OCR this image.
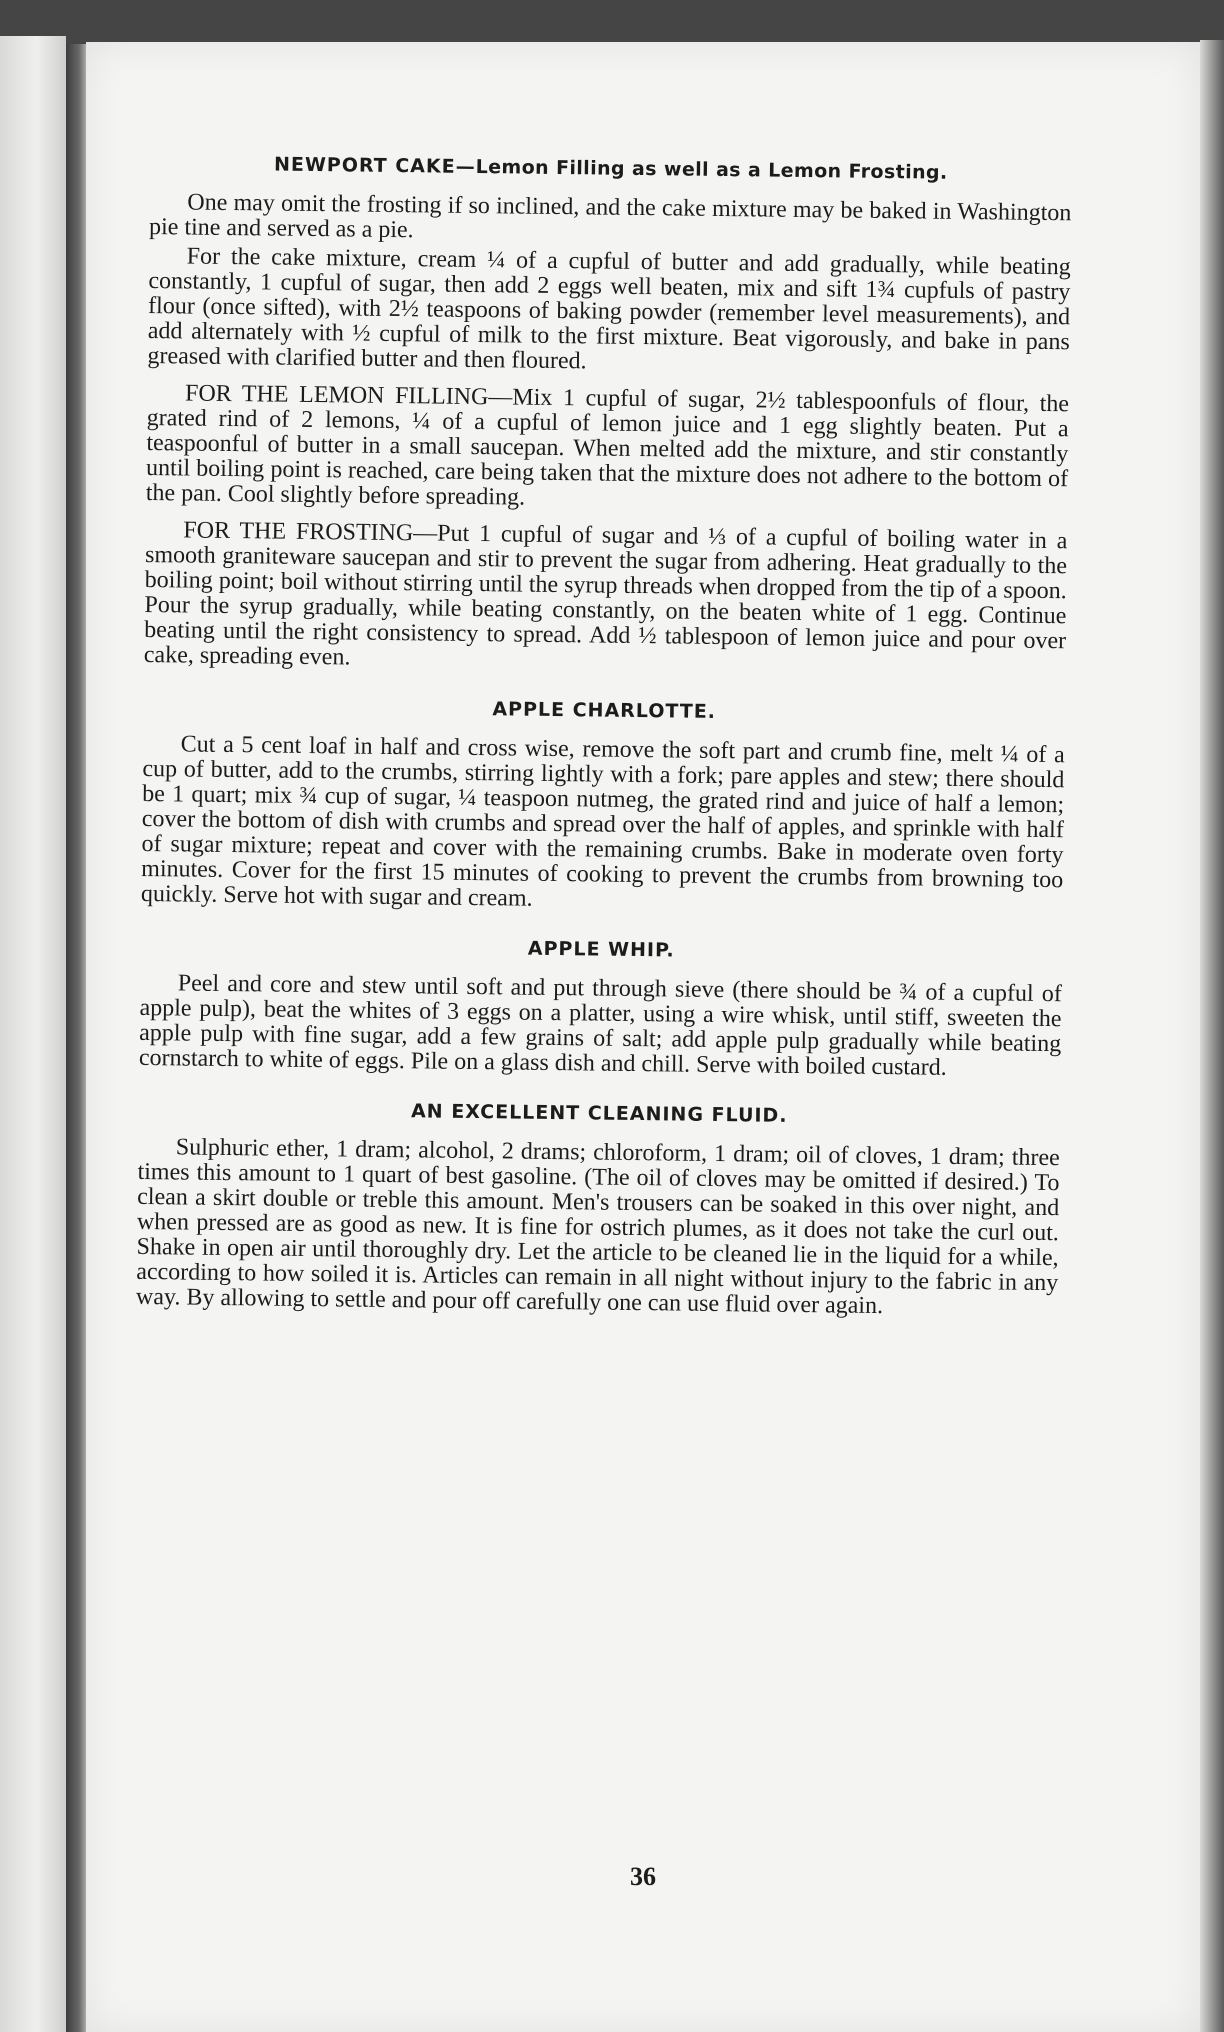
NEWPORT CAKE—Lemon Filling as well as a Lemon Frosting.

One may omit the frosting if so inclined, and the cake mixture may be baked in Washington pie tine and served as a pie.

For the cake mixture, cream ¼ of a cupful of butter and add gradually, while beating constantly, 1 cupful of sugar, then add 2 eggs well beaten, mix and sift 1¾ cupfuls of pastry flour (once sifted), with 2½ teaspoons of baking powder (remember level measurements), and add alternately with ½ cupful of milk to the first mixture. Beat vigorously, and bake in pans greased with clarified butter and then floured.

FOR THE LEMON FILLING—Mix 1 cupful of sugar, 2½ tablespoonfuls of flour, the grated rind of 2 lemons, ¼ of a cupful of lemon juice and 1 egg slightly beaten. Put a teaspoonful of butter in a small saucepan. When melted add the mixture, and stir constantly until boiling point is reached, care being taken that the mixture does not adhere to the bottom of the pan. Cool slightly before spreading.

FOR THE FROSTING—Put 1 cupful of sugar and ⅓ of a cupful of boiling water in a smooth graniteware saucepan and stir to prevent the sugar from adhering. Heat gradually to the boiling point; boil without stirring until the syrup threads when dropped from the tip of a spoon. Pour the syrup gradually, while beating constantly, on the beaten white of 1 egg. Continue beating until the right consistency to spread. Add ½ tablespoon of lemon juice and pour over cake, spreading even.

APPLE CHARLOTTE.

Cut a 5 cent loaf in half and cross wise, remove the soft part and crumb fine, melt ¼ of a cup of butter, add to the crumbs, stirring lightly with a fork; pare apples and stew; there should be 1 quart; mix ¾ cup of sugar, ¼ teaspoon nutmeg, the grated rind and juice of half a lemon; cover the bottom of dish with crumbs and spread over the half of apples, and sprinkle with half of sugar mixture; repeat and cover with the remaining crumbs. Bake in moderate oven forty minutes. Cover for the first 15 minutes of cooking to prevent the crumbs from browning too quickly. Serve hot with sugar and cream.

APPLE WHIP.

Peel and core and stew until soft and put through sieve (there should be ¾ of a cupful of apple pulp), beat the whites of 3 eggs on a platter, using a wire whisk, until stiff, sweeten the apple pulp with fine sugar, add a few grains of salt; add apple pulp gradually while beating cornstarch to white of eggs. Pile on a glass dish and chill. Serve with boiled custard.

AN EXCELLENT CLEANING FLUID.

Sulphuric ether, 1 dram; alcohol, 2 drams; chloroform, 1 dram; oil of cloves, 1 dram; three times this amount to 1 quart of best gasoline. (The oil of cloves may be omitted if desired.) To clean a skirt double or treble this amount. Men's trousers can be soaked in this over night, and when pressed are as good as new. It is fine for ostrich plumes, as it does not take the curl out. Shake in open air until thoroughly dry. Let the article to be cleaned lie in the liquid for a while, according to how soiled it is. Articles can remain in all night without injury to the fabric in any way. By allowing to settle and pour off carefully one can use fluid over again.

36
